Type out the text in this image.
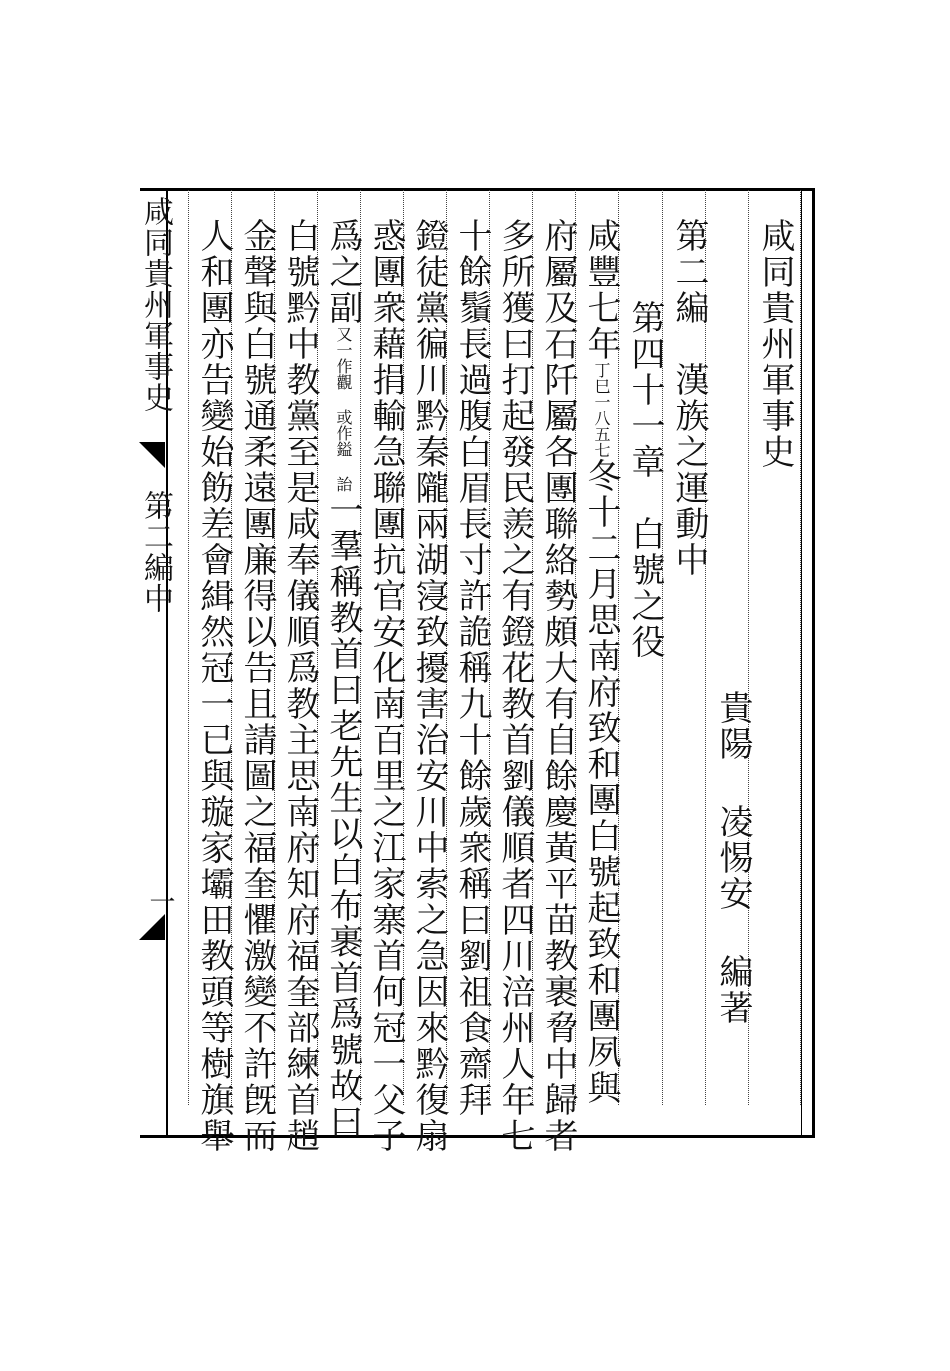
咸同貴州軍事史
第二編中
一
咸同貴州軍事史
貴陽 凌惕安 編著
第二編　漢族之運動中
第四十一章　白號之役
咸豐七年丁巳一八五七冬十二月思南府致和團白號起致和團夙與
府屬及石阡屬各團聯絡勢頗大有自餘慶黃平苗教裹脅中歸者
多所獲曰打起發民羨之有鐙花教首劉儀順者四川涪州人年七
十餘鬚長過腹白眉長寸許詭稱九十餘歲衆稱曰劉祖食齋拜
鐙徒黨徧川黔秦隴兩湖寖致擾害治安川中索之急因來黔復扇
惑團衆藉捐輸急聯團抗官安化南百里之江家寨首何冠一父子
爲之副又一作觀 或作鎰 詒一羣稱教首曰老先生以白布裹首爲號故曰
白號黔中教黨至是咸奉儀順爲教主思南府知府福奎部練首趙
金聲與白號通柔遠團廉得以告且請圖之福奎懼激變不許旣而
人和團亦告變始飭差會緝然冠一已與璇家壩田教頭等樹旗舉
